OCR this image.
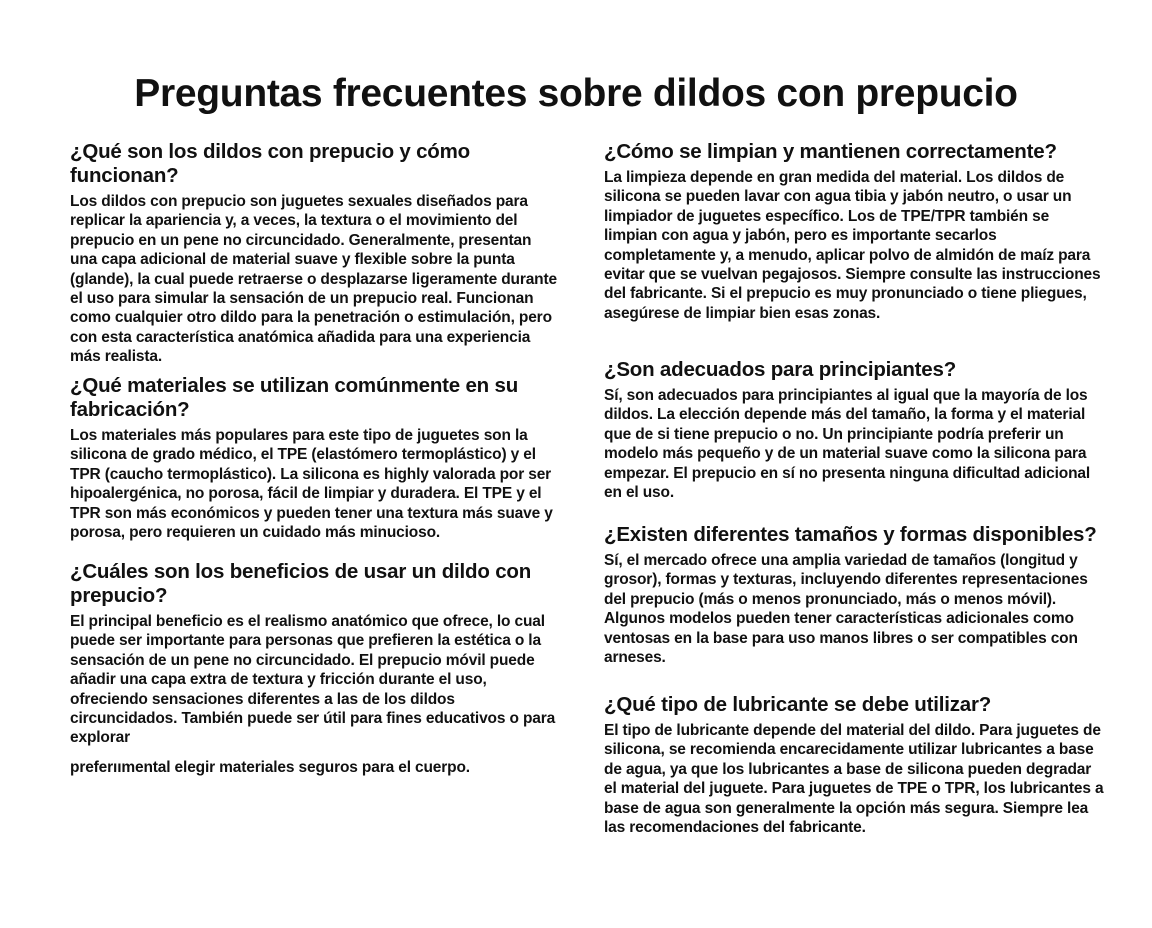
Preguntas frecuentes sobre dildos con prepucio
¿Qué son los dildos con prepucio y cómo funcionan?

Los dildos con prepucio son juguetes sexuales diseñados para replicar la apariencia y, a veces, la textura o el movimiento del prepucio en un pene no circuncidado. Generalmente, presentan una capa adicional de material suave y flexible sobre la punta (glande), la cual puede retraerse o desplazarse ligeramente durante el uso para simular la sensación de un prepucio real. Funcionan como cualquier otro dildo para la penetración o estimulación, pero con esta característica anatómica añadida para una experiencia más realista.

¿Qué materiales se utilizan comúnmente en su fabricación?

Los materiales más populares para este tipo de juguetes son la silicona de grado médico, el TPE (elastómero termoplástico) y el TPR (caucho termoplástico). La silicona es highly valorada por ser hipoalergénica, no porosa, fácil de limpiar y duradera. El TPE y el TPR son más económicos y pueden tener una textura más suave y porosa, pero requieren un cuidado más minucioso.

¿Cuáles son los beneficios de usar un dildo con prepucio?

El principal beneficio es el realismo anatómico que ofrece, lo cual puede ser importante para personas que prefieren la estética o la sensación de un pene no circuncidado. El prepucio móvil puede añadir una capa extra de textura y fricción durante el uso, ofreciendo sensaciones diferentes a las de los dildos circuncidados. También puede ser útil para fines educativos o para explorar

preferıımental elegir materiales seguros para el cuerpo.

¿Cómo se limpian y mantienen correctamente?

La limpieza depende en gran medida del material. Los dildos de silicona se pueden lavar con agua tibia y jabón neutro, o usar un limpiador de juguetes específico. Los de TPE/TPR también se limpian con agua y jabón, pero es importante secarlos completamente y, a menudo, aplicar polvo de almidón de maíz para evitar que se vuelvan pegajosos. Siempre consulte las instrucciones del fabricante. Si el prepucio es muy pronunciado o tiene pliegues, asegúrese de limpiar bien esas zonas.

¿Son adecuados para principiantes?

Sí, son adecuados para principiantes al igual que la mayoría de los dildos. La elección depende más del tamaño, la forma y el material que de si tiene prepucio o no. Un principiante podría preferir un modelo más pequeño y de un material suave como la silicona para empezar. El prepucio en sí no presenta ninguna dificultad adicional en el uso.

¿Existen diferentes tamaños y formas disponibles?

Sí, el mercado ofrece una amplia variedad de tamaños (longitud y grosor), formas y texturas, incluyendo diferentes representaciones del prepucio (más o menos pronunciado, más o menos móvil). Algunos modelos pueden tener características adicionales como ventosas en la base para uso manos libres o ser compatibles con arneses.

¿Qué tipo de lubricante se debe utilizar?

El tipo de lubricante depende del material del dildo. Para juguetes de silicona, se recomienda encarecidamente utilizar lubricantes a base de agua, ya que los lubricantes a base de silicona pueden degradar el material del juguete. Para juguetes de TPE o TPR, los lubricantes a base de agua son generalmente la opción más segura. Siempre lea las recomendaciones del fabricante.
